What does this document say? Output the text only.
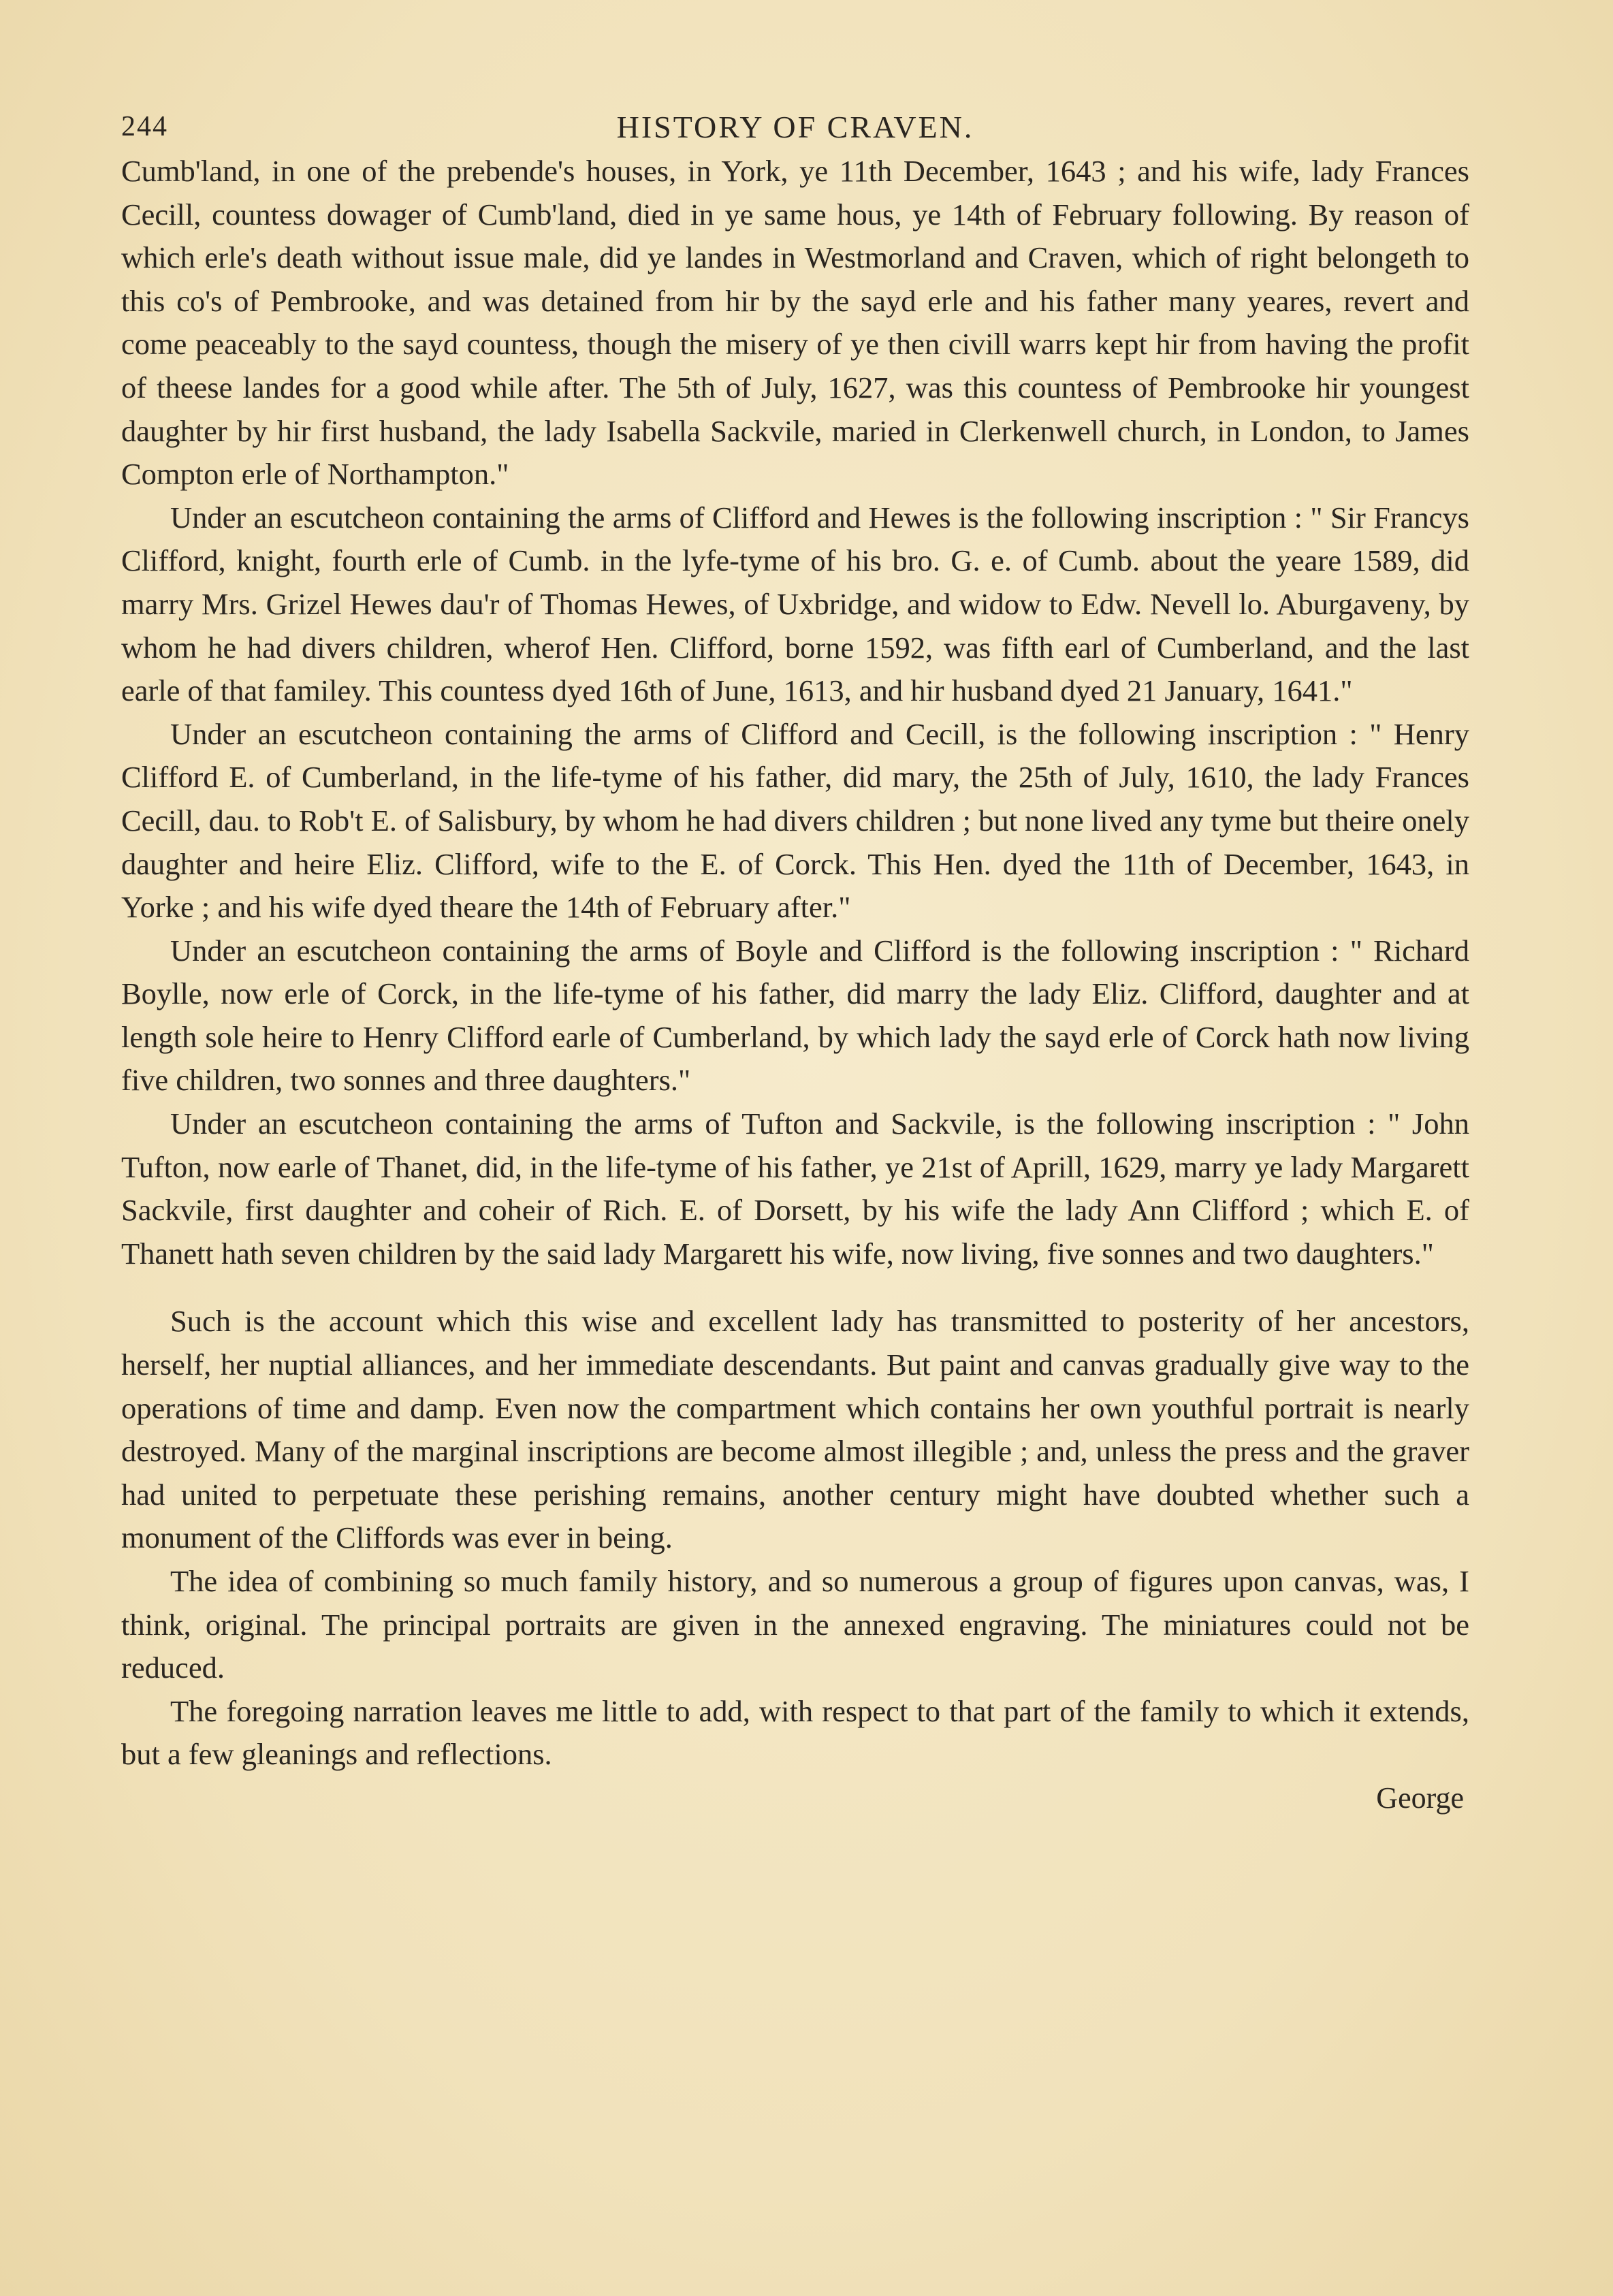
244	HISTORY OF CRAVEN.

Cumb'land, in one of the prebende's houses, in York, ye 11th December, 1643 ; and his wife, lady Frances Cecill, countess dowager of Cumb'land, died in ye same hous, ye 14th of February following. By reason of which erle's death without issue male, did ye landes in Westmorland and Craven, which of right belongeth to this co's of Pembrooke, and was detained from hir by the sayd erle and his father many yeares, revert and come peaceably to the sayd countess, though the misery of ye then civill warrs kept hir from having the profit of theese landes for a good while after. The 5th of July, 1627, was this countess of Pembrooke hir youngest daughter by hir first husband, the lady Isabella Sackvile, maried in Clerkenwell church, in London, to James Compton erle of Northampton."

Under an escutcheon containing the arms of Clifford and Hewes is the following inscription : " Sir Francys Clifford, knight, fourth erle of Cumb. in the lyfe-tyme of his bro. G. e. of Cumb. about the yeare 1589, did marry Mrs. Grizel Hewes dau'r of Thomas Hewes, of Uxbridge, and widow to Edw. Nevell lo. Aburgaveny, by whom he had divers children, wherof Hen. Clifford, borne 1592, was fifth earl of Cumberland, and the last earle of that familey. This countess dyed 16th of June, 1613, and hir husband dyed 21 January, 1641."

Under an escutcheon containing the arms of Clifford and Cecill, is the following inscription : " Henry Clifford E. of Cumberland, in the life-tyme of his father, did mary, the 25th of July, 1610, the lady Frances Cecill, dau. to Rob't E. of Salisbury, by whom he had divers children ; but none lived any tyme but theire onely daughter and heire Eliz. Clifford, wife to the E. of Corck. This Hen. dyed the 11th of December, 1643, in Yorke ; and his wife dyed theare the 14th of February after."

Under an escutcheon containing the arms of Boyle and Clifford is the following inscription : " Richard Boylle, now erle of Corck, in the life-tyme of his father, did marry the lady Eliz. Clifford, daughter and at length sole heire to Henry Clifford earle of Cumberland, by which lady the sayd erle of Corck hath now living five children, two sonnes and three daughters."

Under an escutcheon containing the arms of Tufton and Sackvile, is the following inscription : " John Tufton, now earle of Thanet, did, in the life-tyme of his father, ye 21st of Aprill, 1629, marry ye lady Margarett Sackvile, first daughter and coheir of Rich. E. of Dorsett, by his wife the lady Ann Clifford ; which E. of Thanett hath seven children by the said lady Margarett his wife, now living, five sonnes and two daughters."

Such is the account which this wise and excellent lady has transmitted to posterity of her ancestors, herself, her nuptial alliances, and her immediate descendants. But paint and canvas gradually give way to the operations of time and damp. Even now the compartment which contains her own youthful portrait is nearly destroyed. Many of the marginal inscriptions are become almost illegible ; and, unless the press and the graver had united to perpetuate these perishing remains, another century might have doubted whether such a monument of the Cliffords was ever in being.

The idea of combining so much family history, and so numerous a group of figures upon canvas, was, I think, original. The principal portraits are given in the annexed engraving. The miniatures could not be reduced.

The foregoing narration leaves me little to add, with respect to that part of the family to which it extends, but a few gleanings and reflections.

George
